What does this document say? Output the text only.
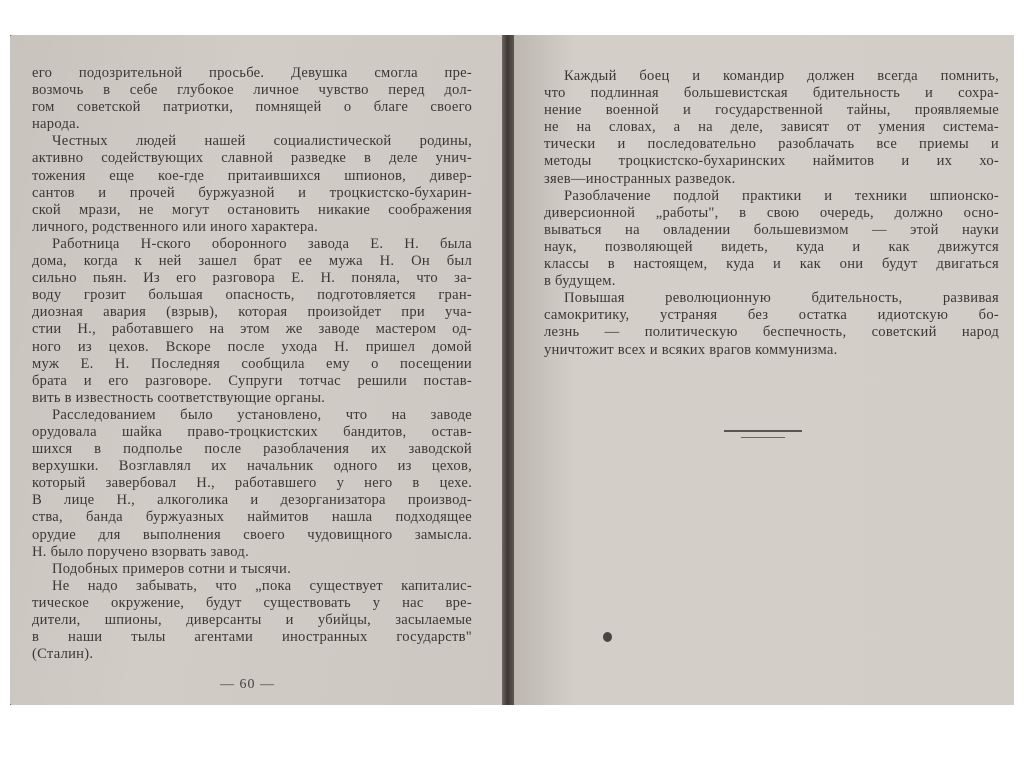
его подозрительной просьбе. Девушка смогла пре-
возмочь в себе глубокое личное чувство перед дол-
гом советской патриотки, помнящей о благе своего
народа.
Честных людей нашей социалистической родины,
активно содействующих славной разведке в деле унич-
тожения еще кое-где притаившихся шпионов, дивер-
сантов и прочей буржуазной и троцкистско-бухарин-
ской мрази, не могут остановить никакие соображения
личного, родственного или иного характера.
Работница Н-ского оборонного завода Е. Н. была
дома, когда к ней зашел брат ее мужа Н. Он был
сильно пьян. Из его разговора Е. Н. поняла, что за-
воду грозит большая опасность, подготовляется гран-
диозная авария (взрыв), которая произойдет при уча-
стии Н., работавшего на этом же заводе мастером од-
ного из цехов. Вскоре после ухода Н. пришел домой
муж Е. Н. Последняя сообщила ему о посещении
брата и его разговоре. Супруги тотчас решили постав-
вить в известность соответствующие органы.
Расследованием было установлено, что на заводе
орудовала шайка право-троцкистских бандитов, остав-
шихся в подполье после разоблачения их заводской
верхушки. Возглавлял их начальник одного из цехов,
который завербовал Н., работавшего у него в цехе.
В лице Н., алкоголика и дезорганизатора производ-
ства, банда буржуазных наймитов нашла подходящее
орудие для выполнения своего чудовищного замысла.
Н. было поручено взорвать завод.
Подобных примеров сотни и тысячи.
Не надо забывать, что „пока существует капиталис-
тическое окружение, будут существовать у нас вре-
дители, шпионы, диверсанты и убийцы, засылаемые
в наши тылы агентами иностранных государств"
(Сталин).
— 60 —
Каждый боец и командир должен всегда помнить,
что подлинная большевистская бдительность и сохра-
нение военной и государственной тайны, проявляемые
не на словах, а на деле, зависят от умения система-
тически и последовательно разоблачать все приемы и
методы троцкистско-бухаринских наймитов и их хо-
зяев—иностранных разведок.
Разоблачение подлой практики и техники шпионско-
диверсионной „работы", в свою очередь, должно осно-
вываться на овладении большевизмом — этой науки
наук, позволяющей видеть, куда и как движутся
классы в настоящем, куда и как они будут двигаться
в будущем.
Повышая революционную бдительность, развивая
самокритику, устраняя без остатка идиотскую бо-
лезнь — политическую беспечность, советский народ
уничтожит всех и всяких врагов коммунизма.
